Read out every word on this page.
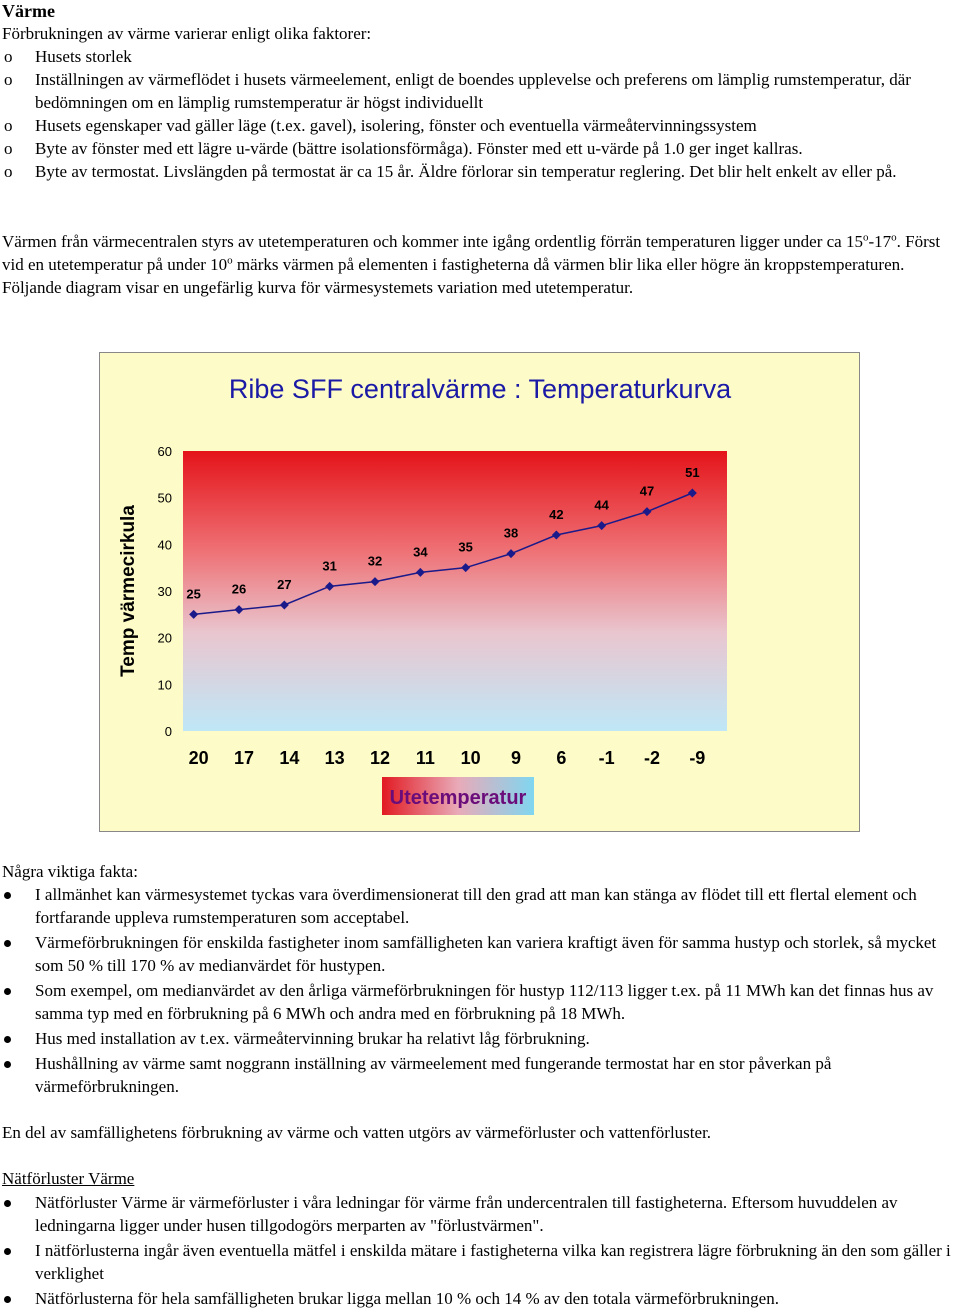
Värme

Förbrukningen av värme varierar enligt olika faktorer:

o Husets storlek
o Inställningen av värmeflödet i husets värmeelement, enligt de boendes upplevelse och preferens om lämplig rumstemperatur, där bedömningen om en lämplig rumstemperatur är högst individuellt
o Husets egenskaper vad gäller läge (t.ex. gavel), isolering, fönster och eventuella värmeåtervinningssystem
o Byte av fönster med ett lägre u-värde (bättre isolationsförmåga). Fönster med ett u-värde på 1.0 ger inget kallras.
o Byte av termostat. Livslängden på termostat är ca 15 år. Äldre förlorar sin temperatur reglering. Det blir helt enkelt av eller på.

Värmen från värmecentralen styrs av utetemperaturen och kommer inte igång ordentlig förrän temperaturen ligger under ca 15$^o$-17$^o$. Först vid en utetemperatur på under 10$^o$ märks värmen på elementen i fastigheterna då värmen blir lika eller högre än kroppstemperaturen. Följande diagram visar en ungefärlig kurva för värmesystemets variation med utetemperatur.

Ribe SFF centralvärme : Temperaturkurva
0
10
20
30
40
50
60
20 17 14 13 12 11 10 9 6 -1 -2 -9
25 26 27
31 32
34 35
38
42
44
47
51
Temp värmecirkula
Utetemperatur

Några viktiga fakta:

I allmänhet kan värmesystemet tyckas vara överdimensionerat till den grad att man kan stänga av flödet till ett flertal element och fortfarande uppleva rumstemperaturen som acceptabel.
Värmeförbrukningen för enskilda fastigheter inom samfälligheten kan variera kraftigt även för samma hustyp och storlek, så mycket som 50 % till 170 % av medianvärdet för hustypen.
Som exempel, om medianvärdet av den årliga värmeförbrukningen för hustyp 112/113 ligger t.ex. på 11 MWh kan det finnas hus av samma typ med en förbrukning på 6 MWh och andra med en förbrukning på 18 MWh.
Hus med installation av t.ex. värmeåtervinning brukar ha relativt låg förbrukning.
Hushållning av värme samt noggrann inställning av värmeelement med fungerande termostat har en stor påverkan på värmeförbrukningen.

En del av samfällighetens förbrukning av värme och vatten utgörs av värmeförluster och vattenförluster.

Nätförluster Värme

Nätförluster Värme är värmeförluster i våra ledningar för värme från undercentralen till fastigheterna. Eftersom huvuddelen av ledningarna ligger under husen tillgodogörs merparten av "förlustvärmen".
I nätförlusterna ingår även eventuella mätfel i enskilda mätare i fastigheterna vilka kan registrera lägre förbrukning än den som gäller i verklighet
Nätförlusterna för hela samfälligheten brukar ligga mellan 10 % och 14 % av den totala värmeförbrukningen.
